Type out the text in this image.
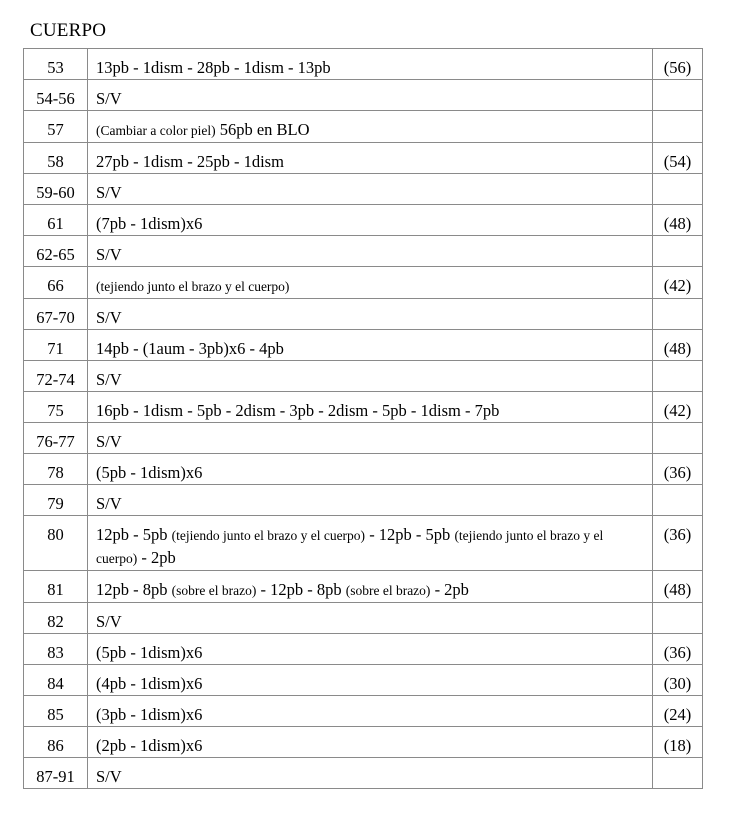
CUERPO
53	13pb - 1dism - 28pb - 1dism - 13pb	(56)
54-56	S/V	
57	(Cambiar a color piel) 56pb en BLO	
58	27pb - 1dism - 25pb - 1dism	(54)
59-60	S/V	
61	(7pb - 1dism)x6	(48)
62-65	S/V	
66	(tejiendo junto el brazo y el cuerpo)	(42)
67-70	S/V	
71	14pb - (1aum - 3pb)x6 - 4pb	(48)
72-74	S/V	
75	16pb - 1dism - 5pb - 2dism - 3pb - 2dism - 5pb - 1dism - 7pb	(42)
76-77	S/V	
78	(5pb - 1dism)x6	(36)
79	S/V	
80	12pb - 5pb (tejiendo junto el brazo y el cuerpo) - 12pb - 5pb (tejiendo junto el brazo y el cuerpo) - 2pb	(36)
81	12pb - 8pb (sobre el brazo) - 12pb - 8pb (sobre el brazo) - 2pb	(48)
82	S/V	
83	(5pb - 1dism)x6	(36)
84	(4pb - 1dism)x6	(30)
85	(3pb - 1dism)x6	(24)
86	(2pb - 1dism)x6	(18)
87-91	S/V	
